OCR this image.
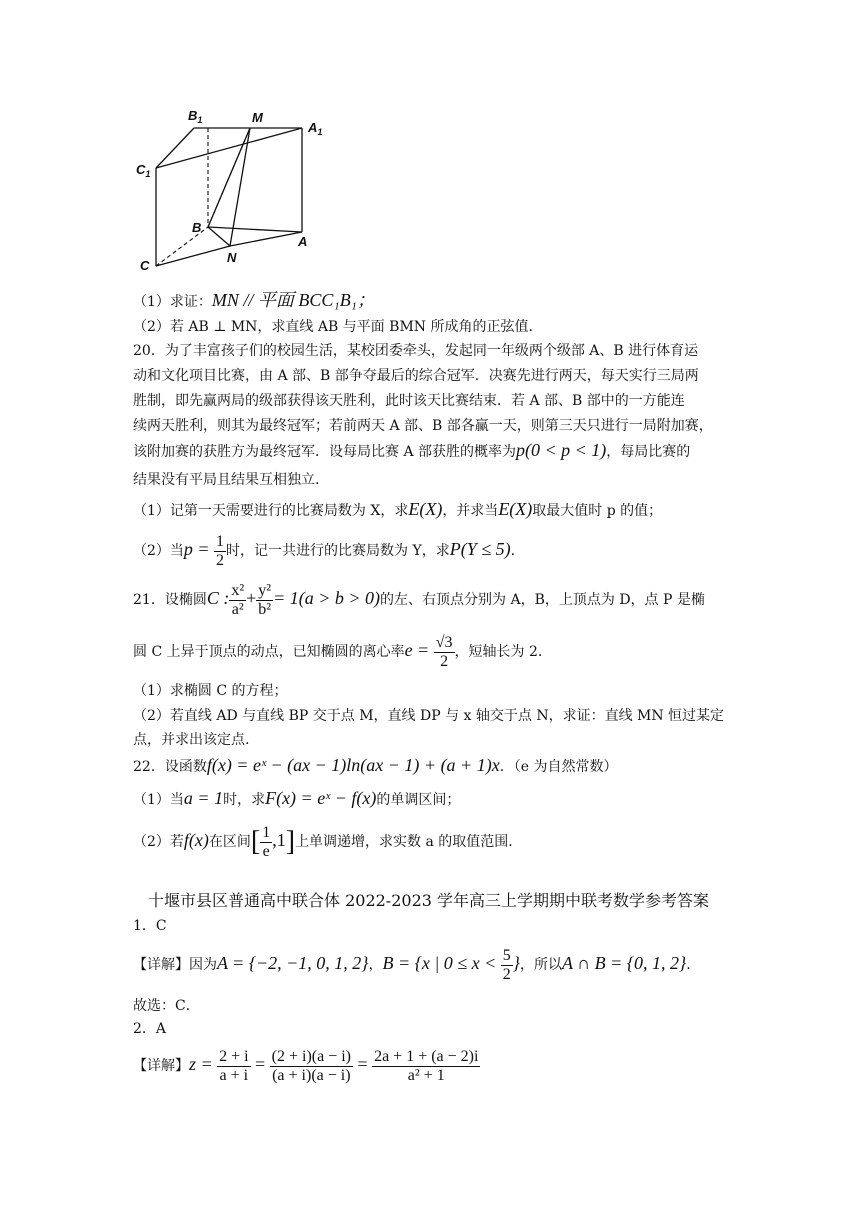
$B_1$	M
$A_1$
$C_1$
B
A
C
N
（1）求证：MN // 平面 BCC₁B₁；
（2）若 AB ⊥ MN，求直线 AB 与平面 BMN 所成角的正弦值.
20．为了丰富孩子们的校园生活，某校团委牵头，发起同一年级两个级部 A、B 进行体育运
动和文化项目比赛，由 A 部、B 部争夺最后的综合冠军．决赛先进行两天，每天实行三局两
胜制，即先赢两局的级部获得该天胜利，此时该天比赛结束．若 A 部、B 部中的一方能连
续两天胜利，则其为最终冠军；若前两天 A 部、B 部各赢一天，则第三天只进行一局附加赛，
该附加赛的获胜方为最终冠军．设每局比赛 A 部获胜的概率为p(0 < p < 1)，每局比赛的
结果没有平局且结果互相独立.
（1）记第一天需要进行的比赛局数为 X，求E(X)，并求当E(X)取最大值时 p 的值；
（2）当$p = \frac{1}{2}$ 时，记一共进行的比赛局数为 Y，求P(Y ≤ 5).
21．设椭圆C : $\frac{\text{x²}}{\text{a²}} + \frac{\text{y²}}{\text{b²}} = 1(a > b > 0)$的左、右顶点分别为 A，B，上顶点为 D，点 P 是椭
圆 C 上异于顶点的动点，已知椭圆的离心率$e = \frac{√3}{2}$ ，短轴长为 2.
（1）求椭圆 C 的方程；
（2）若直线 AD 与直线 BP 交于点 M，直线 DP 与 x 轴交于点 N，求证：直线 MN 恒过某定
点，并求出该定点.
22．设函数f(x) = eˣ − (ax − 1)ln(ax − 1) + (a + 1)x．（e 为自然常数）
（1）当a = 1时，求F(x) = eˣ − f(x)的单调区间；
（2）若f(x)在区间[ $\frac{1}{e} ,1$]上单调递增，求实数 a 的取值范围.
十堰市县区普通高中联合体 2022-2023 学年高三上学期期中联考数学参考答案
1．C
【详解】因为A = {−2, −1, 0, 1, 2}，B = {x | $0 \le x < \frac{5}{2}$ }，所以A ∩ B = {0, 1, 2}.
故选：C．
2．A
【详解】$z = \frac{2 + i}{a + i} = \frac{(2 + i)(a - i)}{(a + i)(a - i)} = \frac{2a + 1 + (a - 2)i}{\text{a² + 1}}$
